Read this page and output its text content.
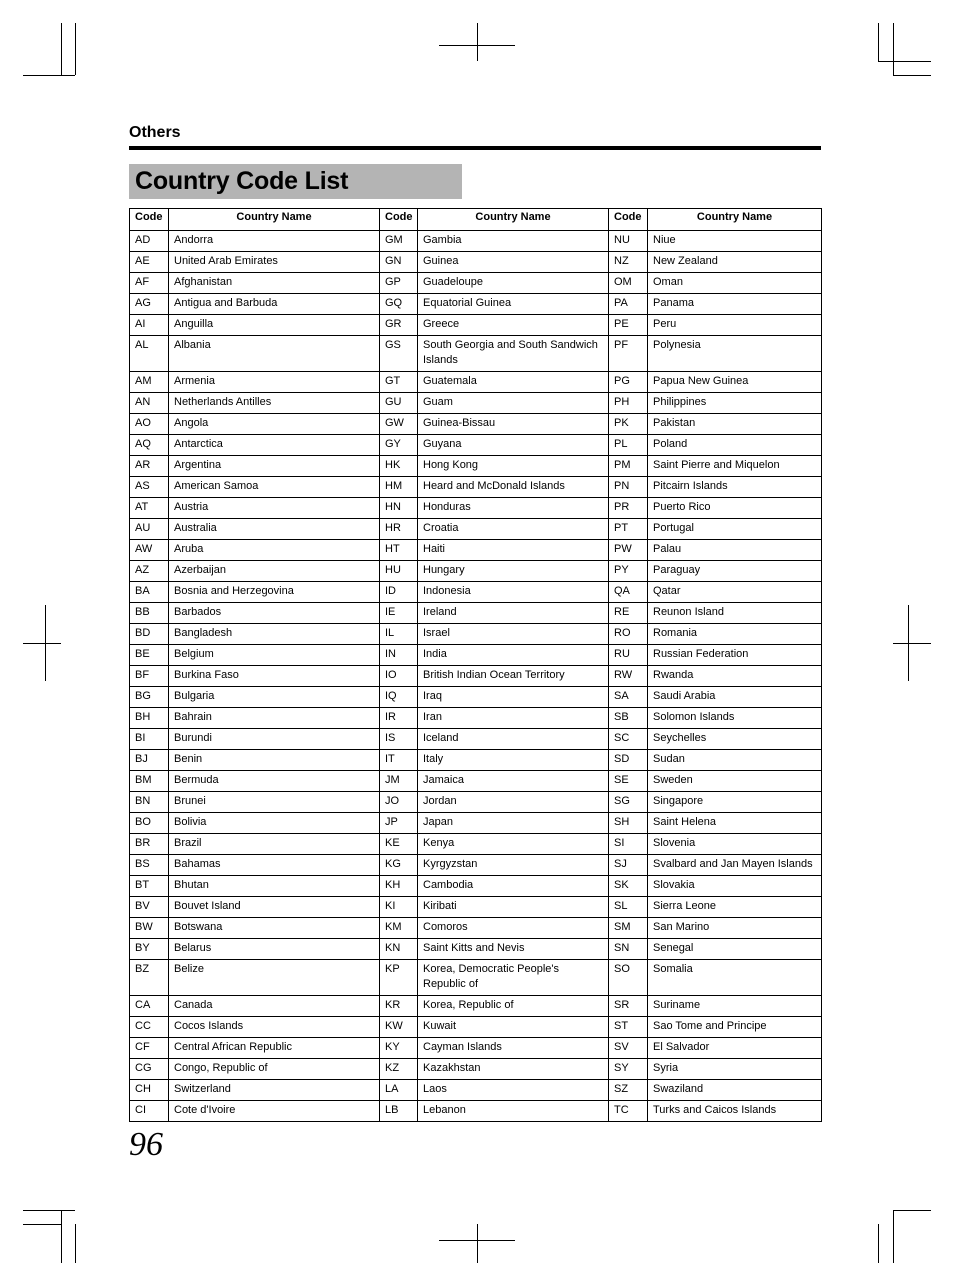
Others
Country Code List
Code	Country Name	Code	Country Name	Code	Country Name
AD	Andorra	GM	Gambia	NU	Niue
AE	United Arab Emirates	GN	Guinea	NZ	New Zealand
AF	Afghanistan	GP	Guadeloupe	OM	Oman
AG	Antigua and Barbuda	GQ	Equatorial Guinea	PA	Panama
AI	Anguilla	GR	Greece	PE	Peru
AL	Albania	GS	South Georgia and South Sandwich Islands	PF	Polynesia
AM	Armenia	GT	Guatemala	PG	Papua New Guinea
AN	Netherlands Antilles	GU	Guam	PH	Philippines
AO	Angola	GW	Guinea-Bissau	PK	Pakistan
AQ	Antarctica	GY	Guyana	PL	Poland
AR	Argentina	HK	Hong Kong	PM	Saint Pierre and Miquelon
AS	American Samoa	HM	Heard and McDonald Islands	PN	Pitcairn Islands
AT	Austria	HN	Honduras	PR	Puerto Rico
AU	Australia	HR	Croatia	PT	Portugal
AW	Aruba	HT	Haiti	PW	Palau
AZ	Azerbaijan	HU	Hungary	PY	Paraguay
BA	Bosnia and Herzegovina	ID	Indonesia	QA	Qatar
BB	Barbados	IE	Ireland	RE	Reunon Island
BD	Bangladesh	IL	Israel	RO	Romania
BE	Belgium	IN	India	RU	Russian Federation
BF	Burkina Faso	IO	British Indian Ocean Territory	RW	Rwanda
BG	Bulgaria	IQ	Iraq	SA	Saudi Arabia
BH	Bahrain	IR	Iran	SB	Solomon Islands
BI	Burundi	IS	Iceland	SC	Seychelles
BJ	Benin	IT	Italy	SD	Sudan
BM	Bermuda	JM	Jamaica	SE	Sweden
BN	Brunei	JO	Jordan	SG	Singapore
BO	Bolivia	JP	Japan	SH	Saint Helena
BR	Brazil	KE	Kenya	SI	Slovenia
BS	Bahamas	KG	Kyrgyzstan	SJ	Svalbard and Jan Mayen Islands
BT	Bhutan	KH	Cambodia	SK	Slovakia
BV	Bouvet Island	KI	Kiribati	SL	Sierra Leone
BW	Botswana	KM	Comoros	SM	San Marino
BY	Belarus	KN	Saint Kitts and Nevis	SN	Senegal
BZ	Belize	KP	Korea, Democratic People's Republic of	SO	Somalia
CA	Canada	KR	Korea, Republic of	SR	Suriname
CC	Cocos Islands	KW	Kuwait	ST	Sao Tome and Principe
CF	Central African Republic	KY	Cayman Islands	SV	El Salvador
CG	Congo, Republic of	KZ	Kazakhstan	SY	Syria
CH	Switzerland	LA	Laos	SZ	Swaziland
CI	Cote d'Ivoire	LB	Lebanon	TC	Turks and Caicos Islands
96
